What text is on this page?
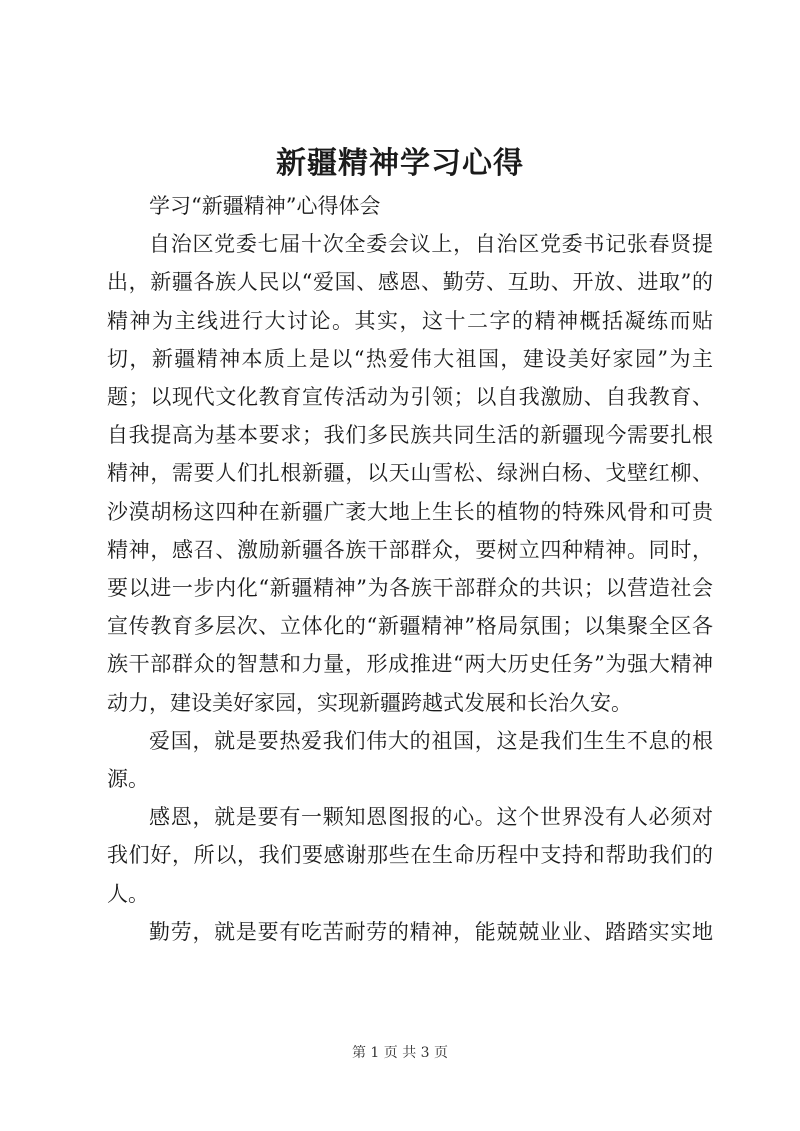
新疆精神学习心得

学习“新疆精神”心得体会

自治区党委七届十次全委会议上，自治区党委书记张春贤提出，新疆各族人民以“爱国、感恩、勤劳、互助、开放、进取”的精神为主线进行大讨论。其实，这十二字的精神概括凝练而贴切，新疆精神本质上是以“热爱伟大祖国，建设美好家园”为主题；以现代文化教育宣传活动为引领；以自我激励、自我教育、自我提高为基本要求；我们多民族共同生活的新疆现今需要扎根精神，需要人们扎根新疆，以天山雪松、绿洲白杨、戈壁红柳、沙漠胡杨这四种在新疆广袤大地上生长的植物的特殊风骨和可贵精神，感召、激励新疆各族干部群众，要树立四种精神。同时，要以进一步内化“新疆精神”为各族干部群众的共识；以营造社会宣传教育多层次、立体化的“新疆精神”格局氛围；以集聚全区各族干部群众的智慧和力量，形成推进“两大历史任务”为强大精神动力，建设美好家园，实现新疆跨越式发展和长治久安。

爱国，就是要热爱我们伟大的祖国，这是我们生生不息的根源。

感恩，就是要有一颗知恩图报的心。这个世界没有人必须对我们好，所以，我们要感谢那些在生命历程中支持和帮助我们的人。

勤劳，就是要有吃苦耐劳的精神，能兢兢业业、踏踏实实地

第 1 页 共 3 页
